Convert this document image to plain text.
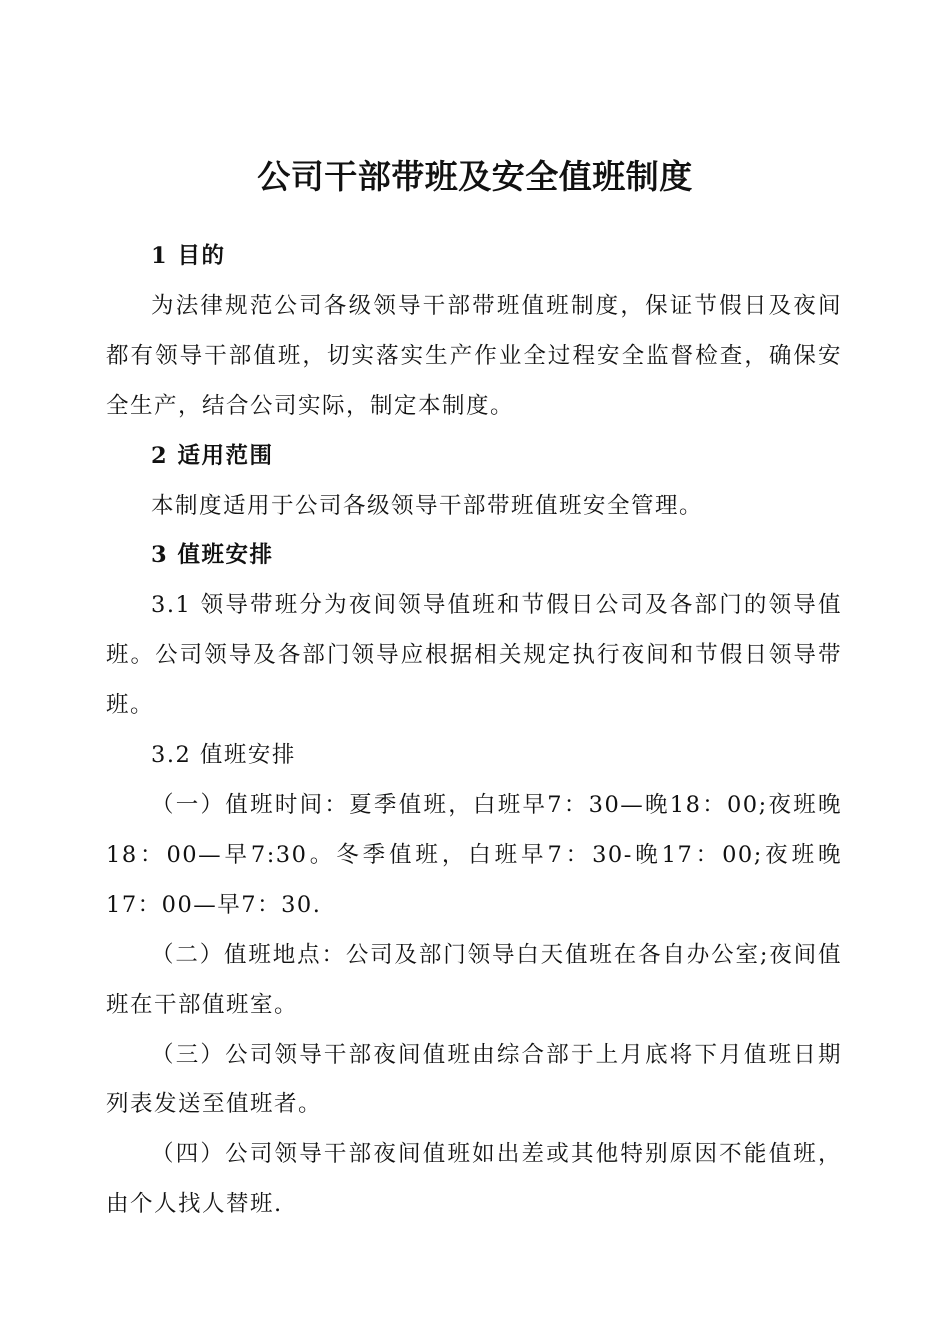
公司干部带班及安全值班制度

1 目的

为法律规范公司各级领导干部带班值班制度，保证节假日及夜间都有领导干部值班，切实落实生产作业全过程安全监督检查，确保安全生产，结合公司实际，制定本制度。

2 适用范围

本制度适用于公司各级领导干部带班值班安全管理。

3 值班安排

3.1 领导带班分为夜间领导值班和节假日公司及各部门的领导值班。公司领导及各部门领导应根据相关规定执行夜间和节假日领导带班。

3.2 值班安排

（一）值班时间：夏季值班，白班早7：30—晚18：00;夜班晚18：00—早7:30。冬季值班，白班早7：30-晚17：00;夜班晚17：00—早7：30.

（二）值班地点：公司及部门领导白天值班在各自办公室;夜间值班在干部值班室。

（三）公司领导干部夜间值班由综合部于上月底将下月值班日期列表发送至值班者。

（四）公司领导干部夜间值班如出差或其他特别原因不能值班，由个人找人替班.
